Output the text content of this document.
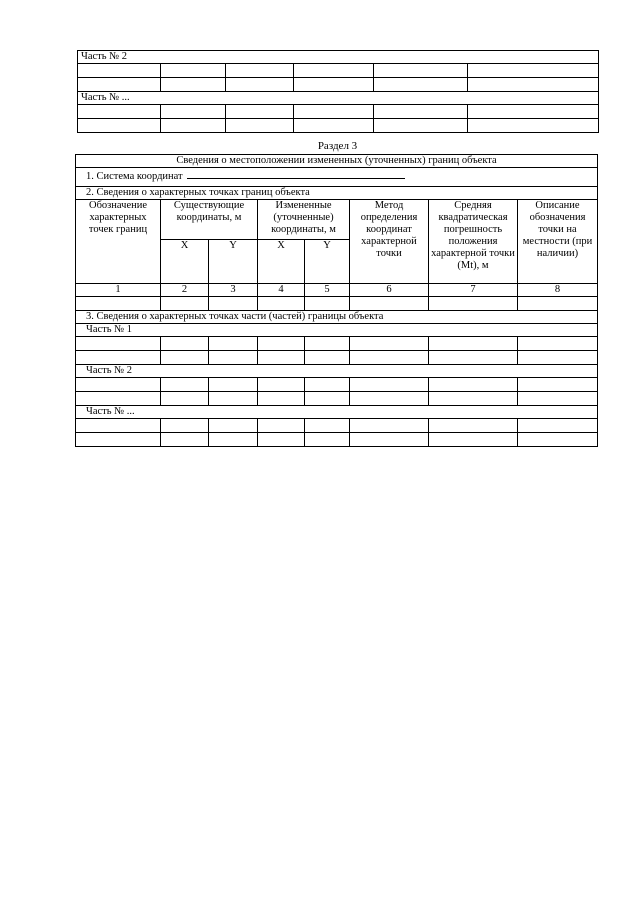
Часть № 2					

Часть № ...					

Раздел 3
Сведения о местоположении измененных (уточненных) границ объекта							
1. Система координат							
2. Сведения о характерных точках границ объекта							
Обозначение характерных точек границ	Существующие координаты, м		Измененные (уточненные) координаты, м		Метод определения координат характерной точки	Средняя квадратическая погрешность положения характерной точки (Mt), м	Описание обозначения точки на местности (при наличии)
	X	Y	X	Y			
1	2	3	4	5	6	7	8

3. Сведения о характерных точках части (частей) границы объекта							
Часть № 1							

Часть № 2							

Часть № ...							
